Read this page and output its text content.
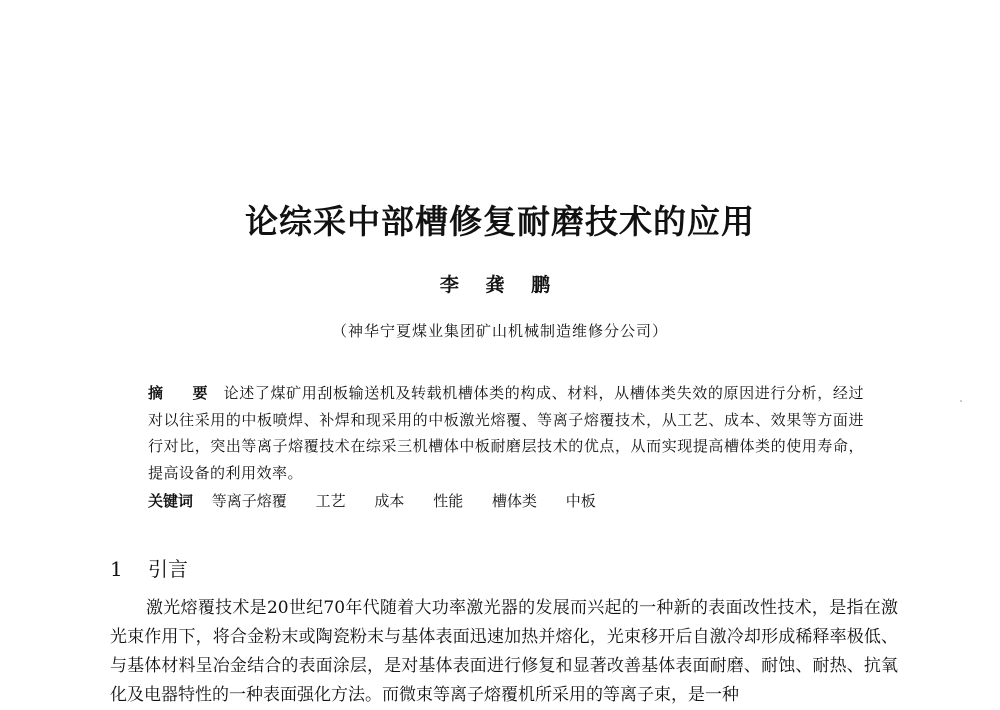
论综采中部槽修复耐磨技术的应用
李 龚 鹏
（神华宁夏煤业集团矿山机械制造维修分公司）
摘 要 论述了煤矿用刮板输送机及转载机槽体类的构成、材料，从槽体类失效的原因进行分析，经过对以往采用的中板喷焊、补焊和现采用的中板激光熔覆、等离子熔覆技术，从工艺、成本、效果等方面进行对比，突出等离子熔覆技术在综采三机槽体中板耐磨层技术的优点，从而实现提高槽体类的使用寿命，提高设备的利用效率。
关键词 等离子熔覆 工艺 成本 性能 槽体类 中板
1 引言
激光熔覆技术是20世纪70年代随着大功率激光器的发展而兴起的一种新的表面改性技术，是指在激光束作用下，将合金粉末或陶瓷粉末与基体表面迅速加热并熔化，光束移开后自激冷却形成稀释率极低、与基体材料呈冶金结合的表面涂层，是对基体表面进行修复和显著改善基体表面耐磨、耐蚀、耐热、抗氧化及电器特性的一种表面强化方法。而微束等离子熔覆机所采用的等离子束，是一种
